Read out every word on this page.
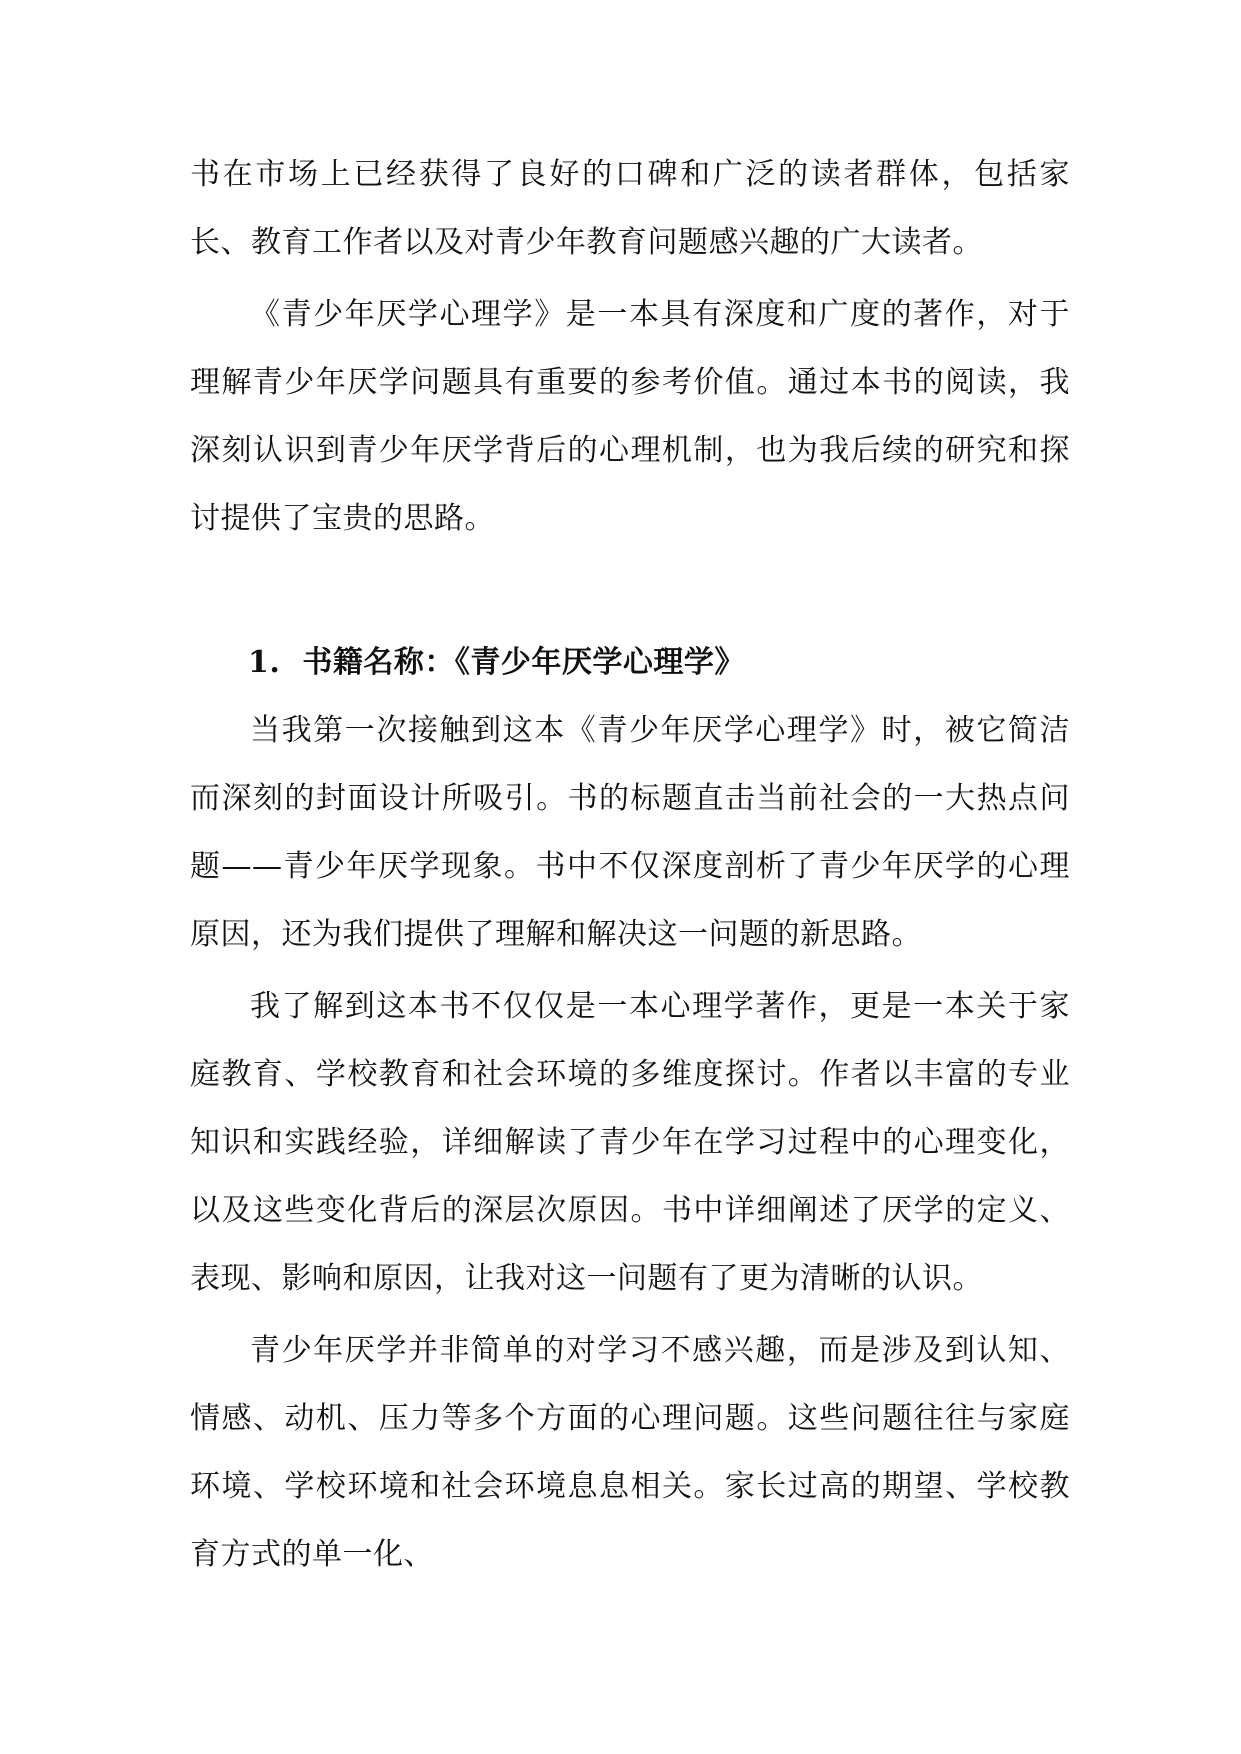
书在市场上已经获得了良好的口碑和广泛的读者群体，包括家长、教育工作者以及对青少年教育问题感兴趣的广大读者。

《青少年厌学心理学》是一本具有深度和广度的著作，对于理解青少年厌学问题具有重要的参考价值。通过本书的阅读，我深刻认识到青少年厌学背后的心理机制，也为我后续的研究和探讨提供了宝贵的思路。

1. 书籍名称：《青少年厌学心理学》

当我第一次接触到这本《青少年厌学心理学》时，被它简洁而深刻的封面设计所吸引。书的标题直击当前社会的一大热点问题——青少年厌学现象。书中不仅深度剖析了青少年厌学的心理原因，还为我们提供了理解和解决这一问题的新思路。

我了解到这本书不仅仅是一本心理学著作，更是一本关于家庭教育、学校教育和社会环境的多维度探讨。作者以丰富的专业知识和实践经验，详细解读了青少年在学习过程中的心理变化，以及这些变化背后的深层次原因。书中详细阐述了厌学的定义、表现、影响和原因，让我对这一问题有了更为清晰的认识。

青少年厌学并非简单的对学习不感兴趣，而是涉及到认知、情感、动机、压力等多个方面的心理问题。这些问题往往与家庭环境、学校环境和社会环境息息相关。家长过高的期望、学校教育方式的单一化、
